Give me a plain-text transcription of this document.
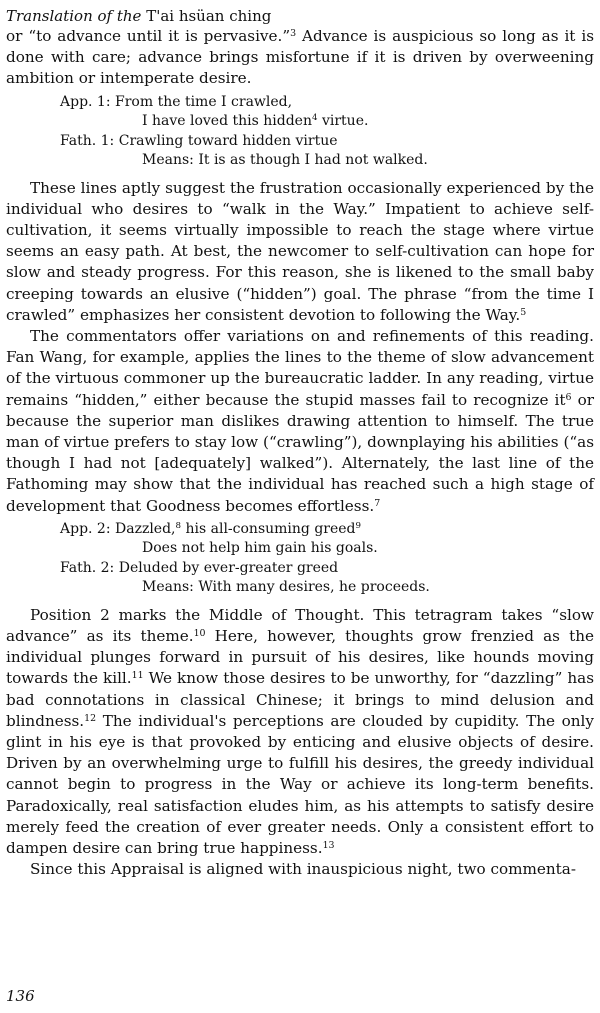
Translation of the T'ai hsüan ching

or “to advance until it is pervasive.”$^3$ Advance is auspicious so long as it is done with care; advance brings misfortune if it is driven by overweening ambition or intemperate desire.

App. 1: From the time I crawled,
I have loved this hidden$^4$ virtue.
Fath. 1: Crawling toward hidden virtue
Means: It is as though I had not walked.

These lines aptly suggest the frustration occasionally experienced by the individual who desires to “walk in the Way.” Impatient to achieve self-cultivation, it seems virtually impossible to reach the stage where virtue seems an easy path. At best, the newcomer to self-cultivation can hope for slow and steady progress. For this reason, she is likened to the small baby creeping towards an elusive (“hidden”) goal. The phrase “from the time I crawled” emphasizes her consistent devotion to following the Way.$^5$

The commentators offer variations on and refinements of this reading. Fan Wang, for example, applies the lines to the theme of slow advancement of the virtuous commoner up the bureaucratic ladder. In any reading, virtue remains “hidden,” either because the stupid masses fail to recognize $it^6$ or because the superior man dislikes drawing attention to himself. The true man of virtue prefers to stay low (“crawling”), downplaying his abilities (“as though I had not [adequately] walked”). Alternately, the last line of the Fathoming may show that the individual has reached such a high stage of development that Goodness becomes effortless.$^7$

App. 2: Dazzled,$^8$ his all-consuming greed$^9$
Does not help him gain his goals.
Fath. 2: Deluded by ever-greater greed
Means: With many desires, he proceeds.

Position 2 marks the Middle of Thought. This tetragram takes “slow advance” as its theme.$^{10}$ Here, however, thoughts grow frenzied as the individual plunges forward in pursuit of his desires, like hounds moving towards the kill.$^{11}$ We know those desires to be unworthy, for “dazzling” has bad connotations in classical Chinese; it brings to mind delusion and blindness.$^{12}$ The individual's perceptions are clouded by cupidity. The only glint in his eye is that provoked by enticing and elusive objects of desire. Driven by an overwhelming urge to fulfill his desires, the greedy individual cannot begin to progress in the Way or achieve its long-term benefits. Paradoxically, real satisfaction eludes him, as his attempts to satisfy desire merely feed the creation of ever greater needs. Only a consistent effort to dampen desire can bring true happiness.$^{13}$

Since this Appraisal is aligned with inauspicious night, two commenta-

136
